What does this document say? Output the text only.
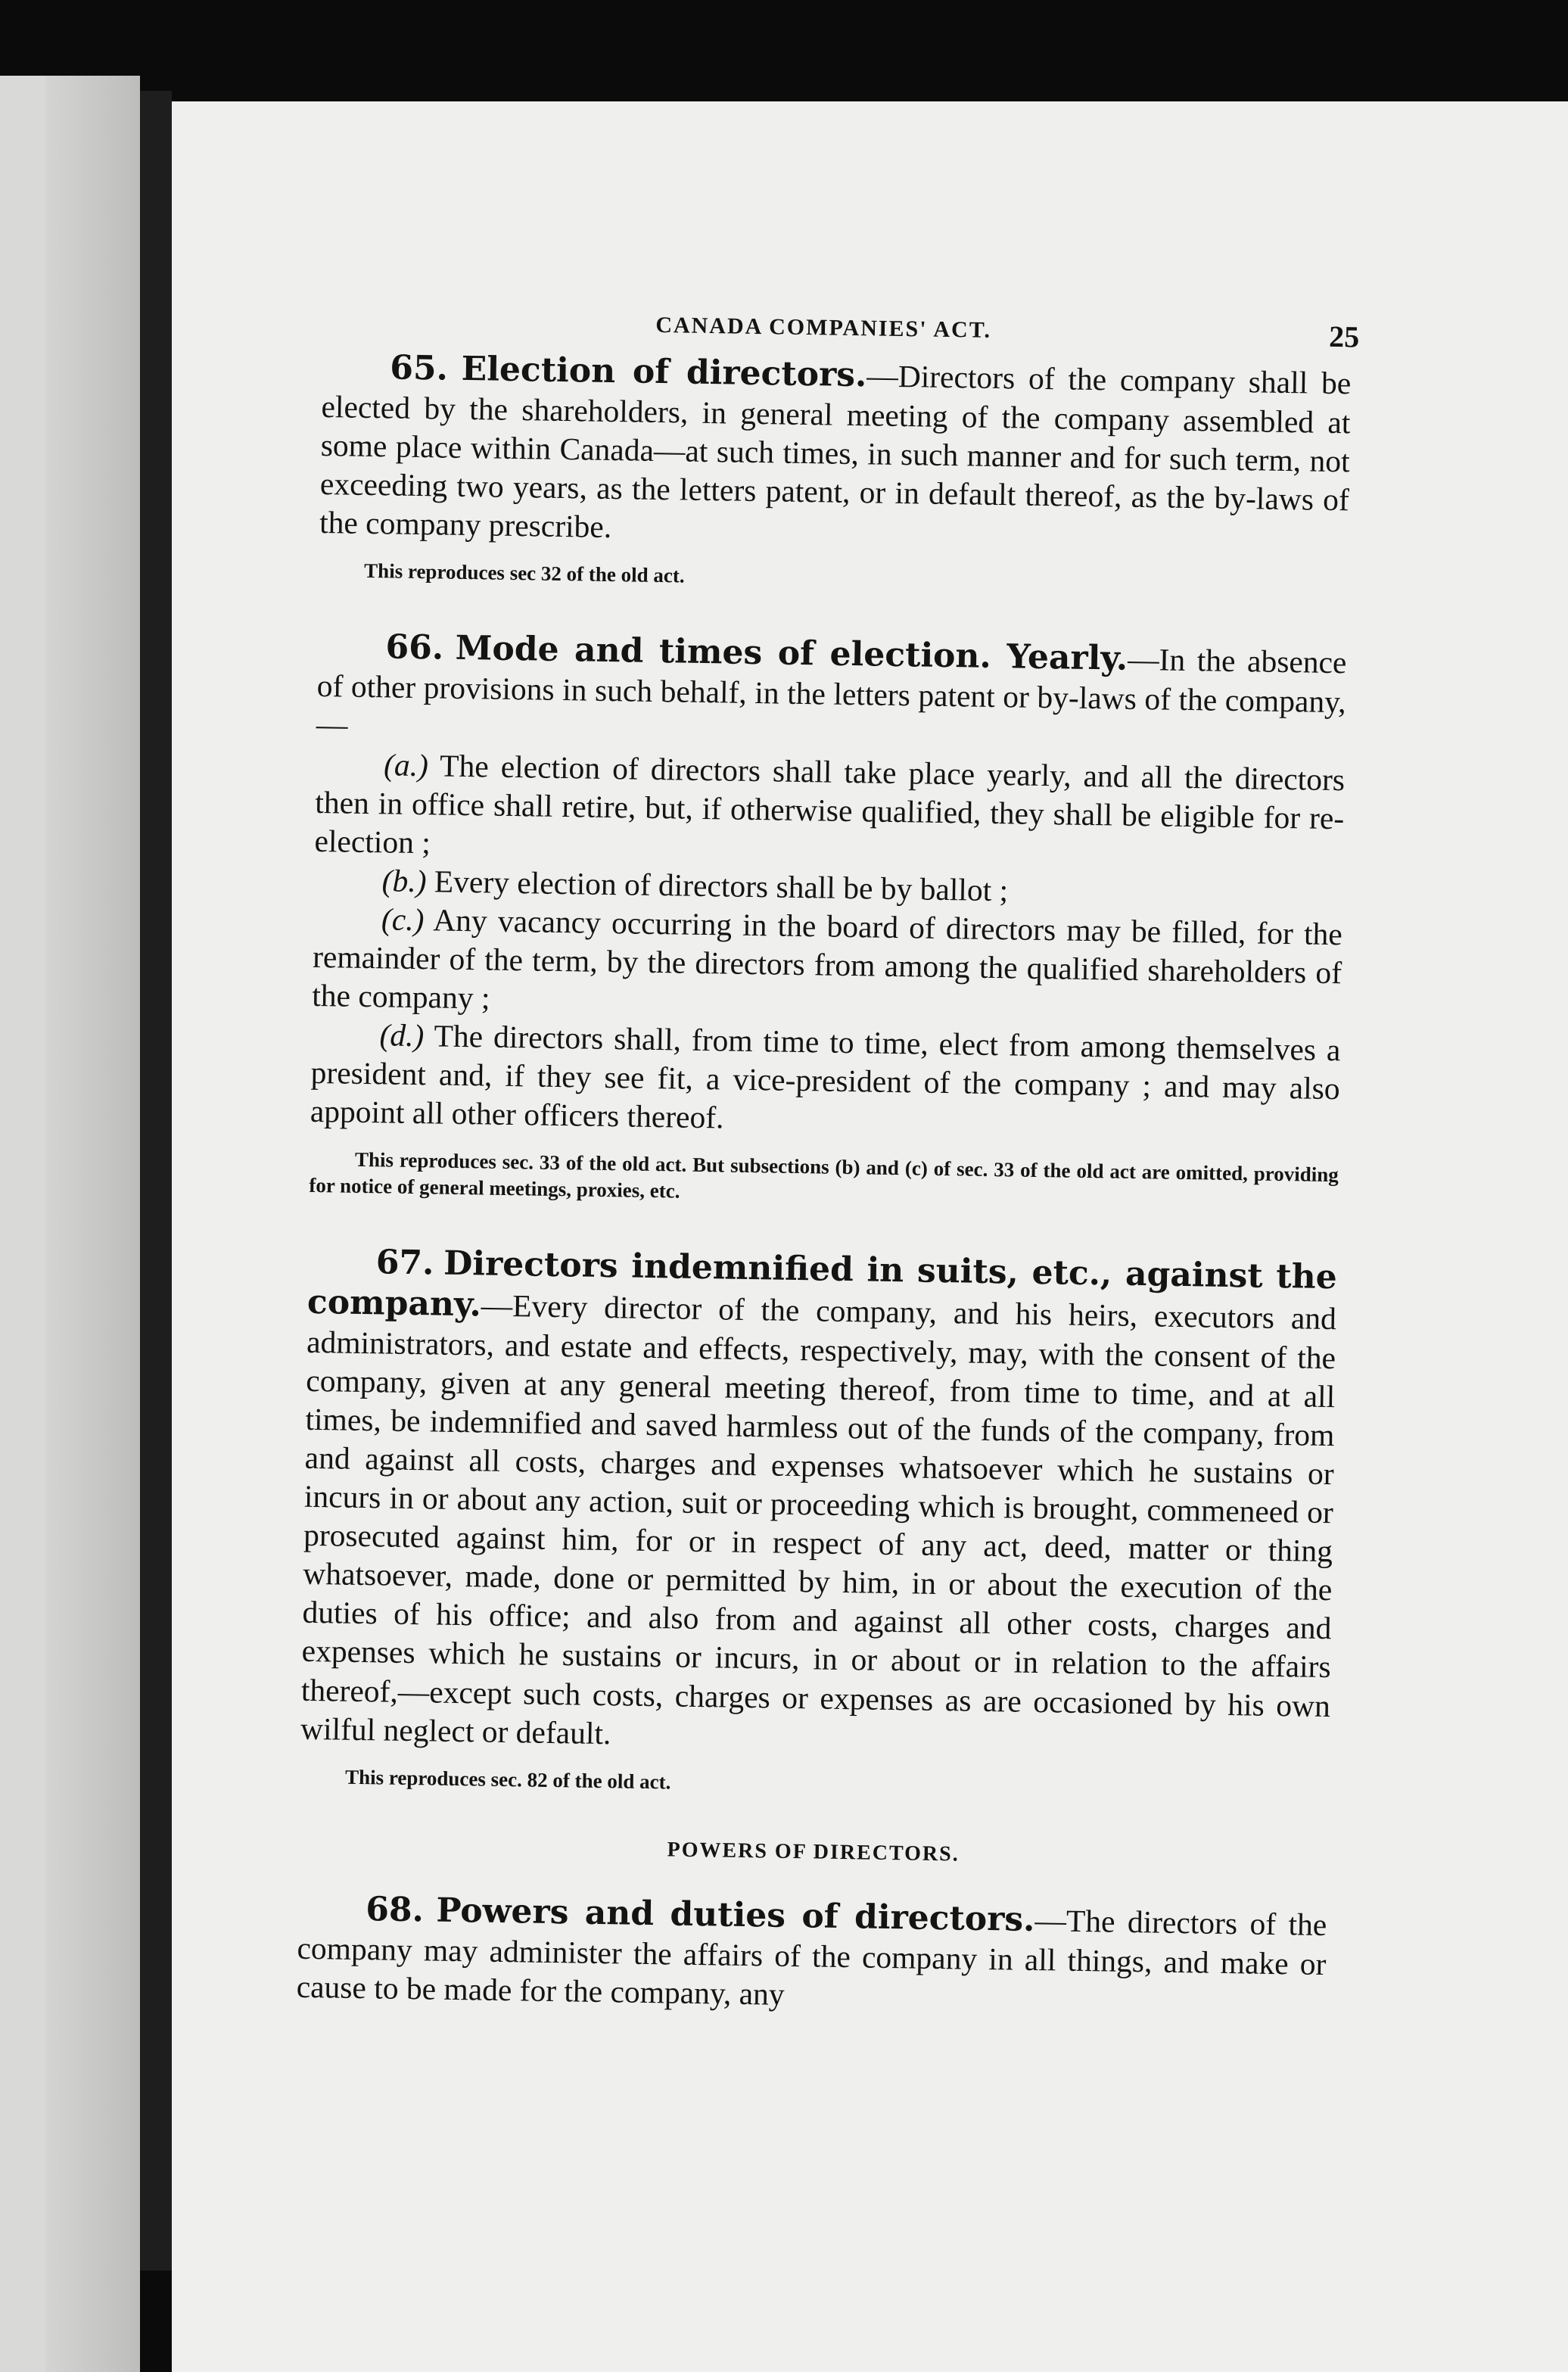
CANADA COMPANIES' ACT.	25

65. Election of directors.—Directors of the company shall be elected by the shareholders, in general meeting of the company assembled at some place within Canada—at such times, in such manner and for such term, not exceeding two years, as the letters patent, or in default thereof, as the by-laws of the company prescribe.

This reproduces sec 32 of the old act.

66. Mode and times of election. Yearly.—In the absence of other provisions in such behalf, in the letters patent or by-laws of the company,—

(a.) The election of directors shall take place yearly, and all the directors then in office shall retire, but, if otherwise qualified, they shall be eligible for re-election ;

(b.) Every election of directors shall be by ballot ;

(c.) Any vacancy occurring in the board of directors may be filled, for the remainder of the term, by the directors from among the qualified shareholders of the company ;

(d.) The directors shall, from time to time, elect from among themselves a president and, if they see fit, a vice-president of the company ; and may also appoint all other officers thereof.

This reproduces sec. 33 of the old act. But subsections (b) and (c) of sec. 33 of the old act are omitted, providing for notice of general meetings, proxies, etc.

67. Directors indemnified in suits, etc., against the company.—Every director of the company, and his heirs, executors and administrators, and estate and effects, respectively, may, with the consent of the company, given at any general meeting thereof, from time to time, and at all times, be indemnified and saved harmless out of the funds of the company, from and against all costs, charges and expenses whatsoever which he sustains or incurs in or about any action, suit or proceeding which is brought, commeneed or prosecuted against him, for or in respect of any act, deed, matter or thing whatsoever, made, done or permitted by him, in or about the execution of the duties of his office; and also from and against all other costs, charges and expenses which he sustains or incurs, in or about or in relation to the affairs thereof,—except such costs, charges or expenses as are occasioned by his own wilful neglect or default.

This reproduces sec. 82 of the old act.

POWERS OF DIRECTORS.

68. Powers and duties of directors.—The directors of the company may administer the affairs of the company in all things, and make or cause to be made for the company, any
